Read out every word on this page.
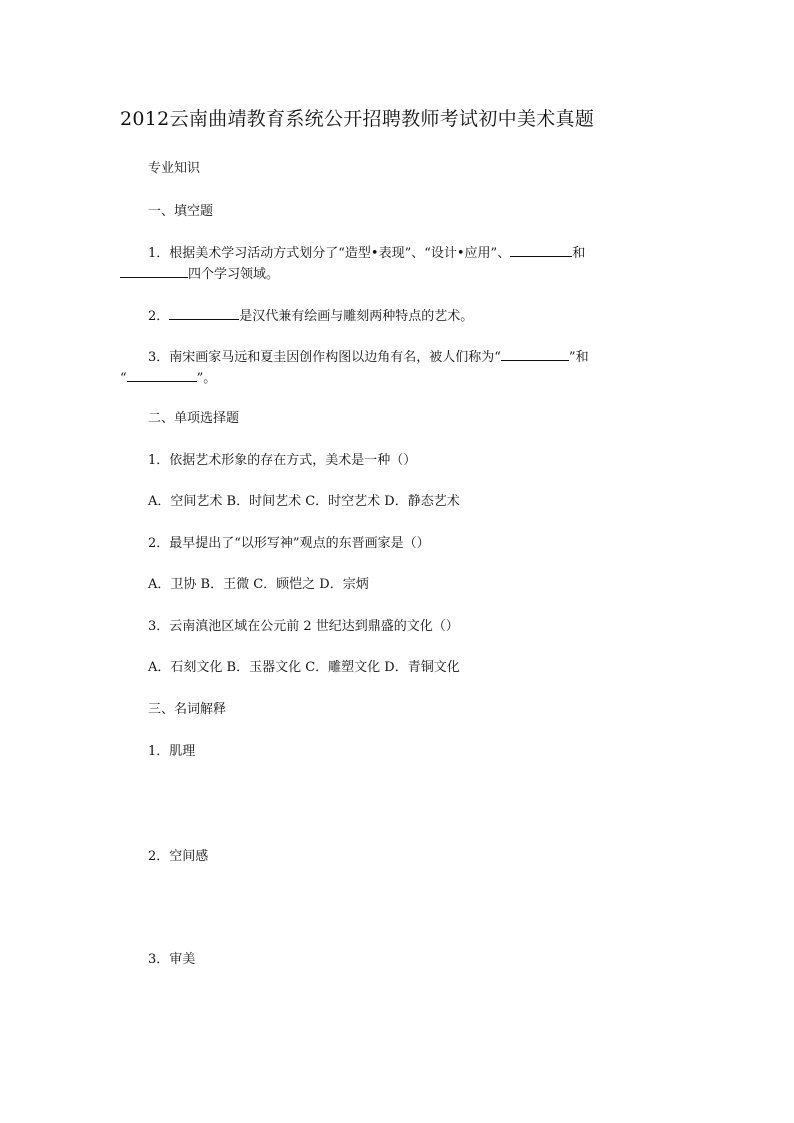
2012云南曲靖教育系统公开招聘教师考试初中美术真题
专业知识
一、填空题
1．根据美术学习活动方式划分了“造型•表现”、“设计•应用”、	和
四个学习领域。
2．	是汉代兼有绘画与雕刻两种特点的艺术。
3．南宋画家马远和夏圭因创作构图以边角有名，被人们称为“	”和
“	”。
二、单项选择题
1．依据艺术形象的存在方式，美术是一种（）
A．空间艺术 B．时间艺术 C．时空艺术 D．静态艺术
2．最早提出了“以形写神”观点的东晋画家是（）
A．卫协 B．王微 C．顾恺之 D．宗炳
3．云南滇池区域在公元前 2 世纪达到鼎盛的文化（）
A．石刻文化 B．玉器文化 C．雕塑文化 D．青铜文化
三、名词解释
1．肌理
2．空间感
3．审美
